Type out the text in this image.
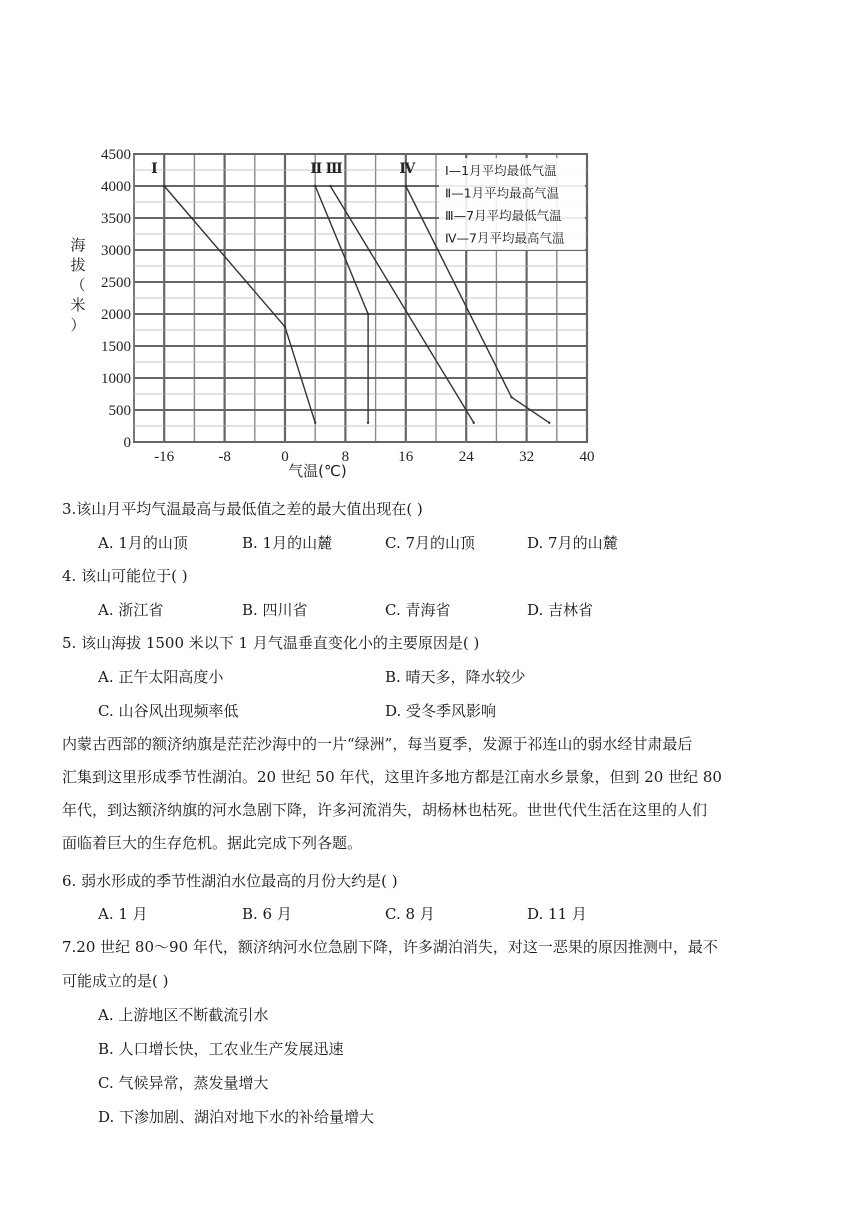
0
500
1000
1500
2000
2500
3000
3500
4000
4500
-16	-8	0	8	16	24	32	40
Ⅰ—1月平均最低气温
Ⅱ—1月平均最高气温
Ⅲ—7月平均最低气温
Ⅳ—7月平均最高气温
海
拔
（
米
）
气温(℃)
Ⅰ	Ⅱ Ⅲ	Ⅳ
3.该山月平均气温最高与最低值之差的最大值出现在( )
A. 1月的山顶	B. 1月的山麓	C. 7月的山顶	D. 7月的山麓
4. 该山可能位于( )
A. 浙江省	B. 四川省	C. 青海省	D. 吉林省
5. 该山海拔 1500 米以下 1 月气温垂直变化小的主要原因是( )
A. 正午太阳高度小	B. 晴天多，降水较少
C. 山谷风出现频率低	D. 受冬季风影响
内蒙古西部的额济纳旗是茫茫沙海中的一片“绿洲”，每当夏季，发源于祁连山的弱水经甘肃最后
汇集到这里形成季节性湖泊。20 世纪 50 年代，这里许多地方都是江南水乡景象，但到 20 世纪 80
年代，到达额济纳旗的河水急剧下降，许多河流消失，胡杨林也枯死。世世代代生活在这里的人们
面临着巨大的生存危机。据此完成下列各题。
6. 弱水形成的季节性湖泊水位最高的月份大约是( )
A. 1 月	B. 6 月	C. 8 月	D. 11 月
7.20 世纪 80～90 年代，额济纳河水位急剧下降，许多湖泊消失，对这一恶果的原因推测中，最不
可能成立的是( )
A. 上游地区不断截流引水
B. 人口增长快，工农业生产发展迅速
C. 气候异常，蒸发量增大
D. 下渗加剧、湖泊对地下水的补给量增大
